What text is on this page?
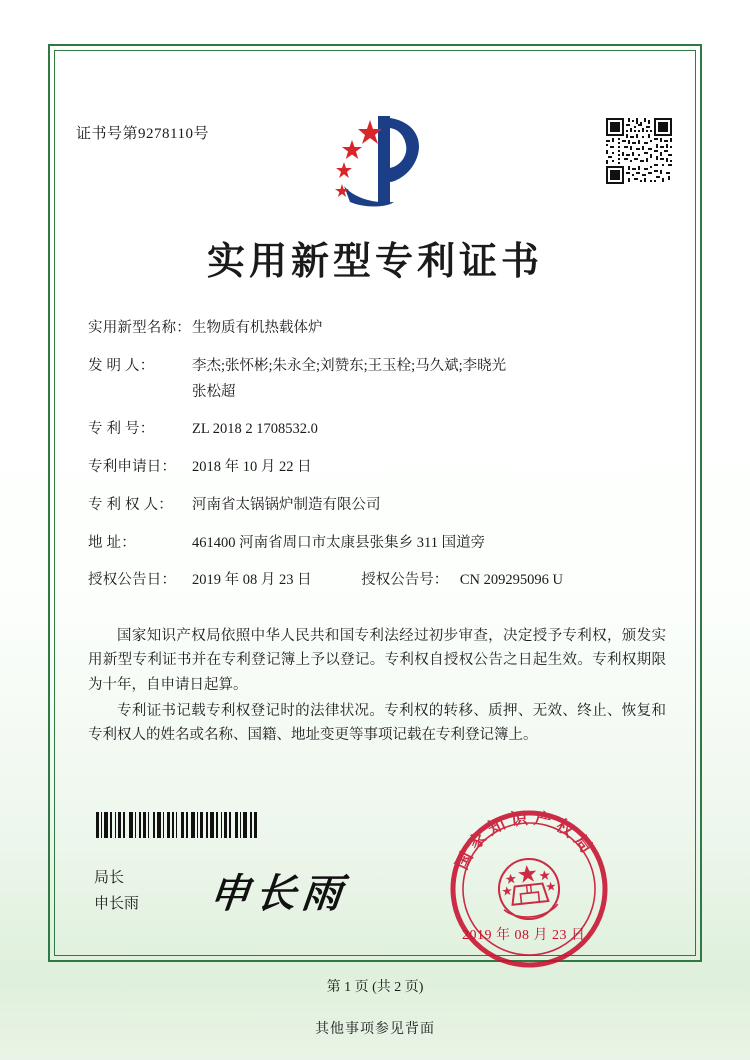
证书号第9278110号
实用新型专利证书
实用新型名称： 生物质有机热载体炉
发 明 人：	李杰;张怀彬;朱永全;刘赞东;王玉栓;马久斌;李晓光
张松超
专 利 号：	ZL 2018 2 1708532.0
专利申请日：	2018 年 10 月 22 日
专 利 权 人：	河南省太锅锅炉制造有限公司
地 址：	461400 河南省周口市太康县张集乡 311 国道旁
授权公告日：	2019 年 08 月 23 日	授权公告号： CN 209295096 U

国家知识产权局依照中华人民共和国专利法经过初步审查，决定授予专利权，颁发实用新型专利证书并在专利登记簿上予以登记。专利权自授权公告之日起生效。专利权期限为十年，自申请日起算。

专利证书记载专利权登记时的法律状况。专利权的转移、质押、无效、终止、恢复和专利权人的姓名或名称、国籍、地址变更等事项记载在专利登记簿上。

局长
申长雨 申长雨
国家知识产权局
2019 年 08 月 23 日
第 1 页 (共 2 页)
其他事项参见背面
